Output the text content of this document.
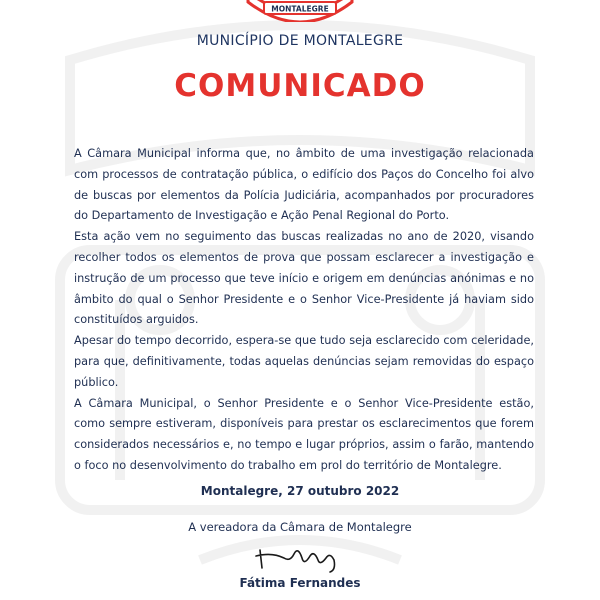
MONTALEGRE
MUNICÍPIO DE MONTALEGRE
COMUNICADO

A Câmara Municipal informa que, no âmbito de uma investigação relacionada com processos de contratação pública, o edifício dos Paços do Concelho foi alvo de buscas por elementos da Polícia Judiciária, acompanhados por procuradores do Departamento de Investigação e Ação Penal Regional do Porto.

Esta ação vem no seguimento das buscas realizadas no ano de 2020, visando recolher todos os elementos de prova que possam esclarecer a investigação e instrução de um processo que teve início e origem em denúncias anónimas e no âmbito do qual o Senhor Presidente e o Senhor Vice-Presidente já haviam sido constituídos arguidos.

Apesar do tempo decorrido, espera-se que tudo seja esclarecido com celeridade, para que, definitivamente, todas aquelas denúncias sejam removidas do espaço público.

A Câmara Municipal, o Senhor Presidente e o Senhor Vice-Presidente estão, como sempre estiveram, disponíveis para prestar os esclarecimentos que forem considerados necessários e, no tempo e lugar próprios, assim o farão, mantendo o foco no desenvolvimento do trabalho em prol do território de Montalegre.

Montalegre, 27 outubro 2022
A vereadora da Câmara de Montalegre
Fátima Fernandes
